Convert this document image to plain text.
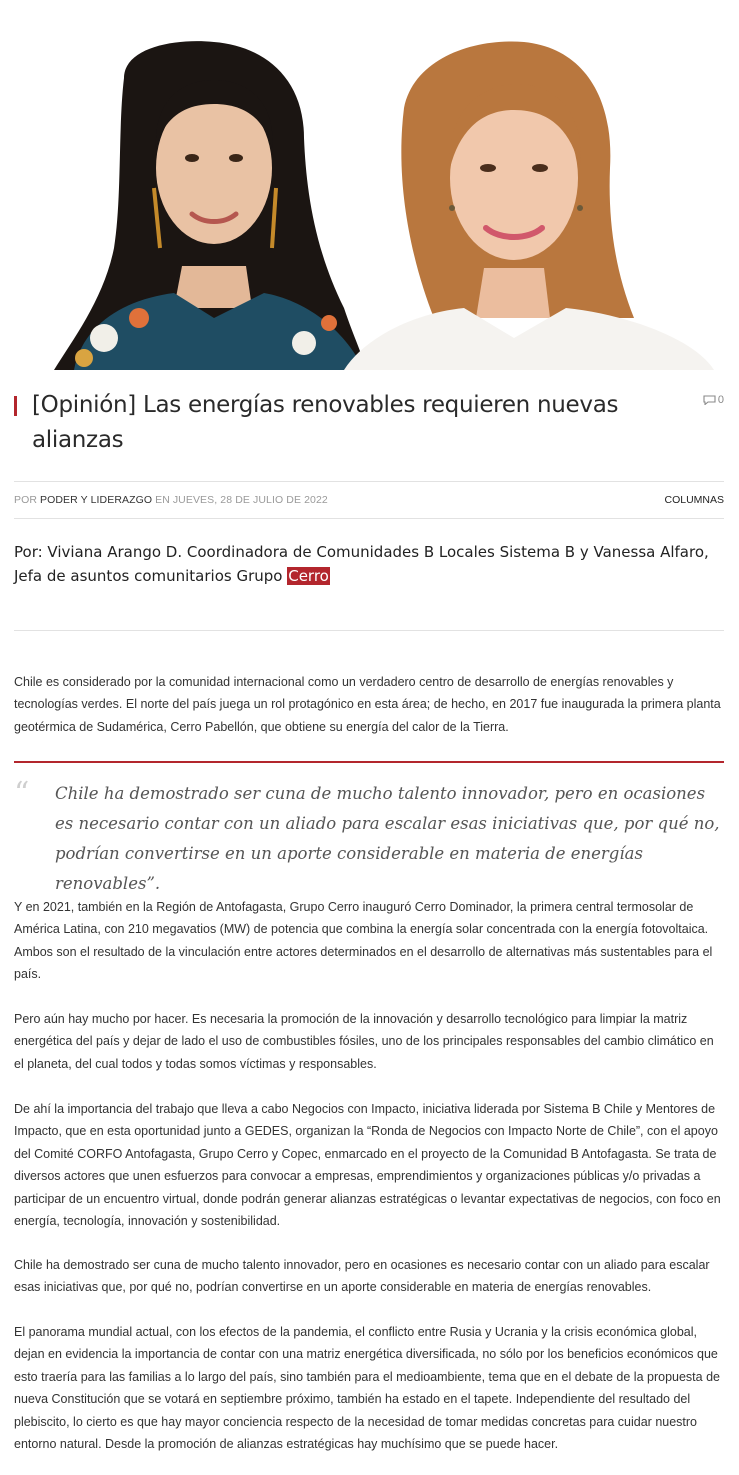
[Opinión] Las energías renovables requieren nuevas alianzas
0
POR PODER Y LIDERAZGO EN JUEVES, 28 DE JULIO DE 2022	COLUMNAS
Por: Viviana Arango D. Coordinadora de Comunidades B Locales Sistema B y Vanessa Alfaro, Jefa de asuntos comunitarios Grupo Cerro

Chile es considerado por la comunidad internacional como un verdadero centro de desarrollo de energías renovables y tecnologías verdes. El norte del país juega un rol protagónico en esta área; de hecho, en 2017 fue inaugurada la primera planta geotérmica de Sudamérica, Cerro Pabellón, que obtiene su energía del calor de la Tierra.

“ Chile ha demostrado ser cuna de mucho talento innovador, pero en ocasiones es necesario contar con un aliado para escalar esas iniciativas que, por qué no, podrían convertirse en un aporte considerable en materia de energías renovables”.

Y en 2021, también en la Región de Antofagasta, Grupo Cerro inauguró Cerro Dominador, la primera central termosolar de América Latina, con 210 megavatios (MW) de potencia que combina la energía solar concentrada con la energía fotovoltaica. Ambos son el resultado de la vinculación entre actores determinados en el desarrollo de alternativas más sustentables para el país.

Pero aún hay mucho por hacer. Es necesaria la promoción de la innovación y desarrollo tecnológico para limpiar la matriz energética del país y dejar de lado el uso de combustibles fósiles, uno de los principales responsables del cambio climático en el planeta, del cual todos y todas somos víctimas y responsables.

De ahí la importancia del trabajo que lleva a cabo Negocios con Impacto, iniciativa liderada por Sistema B Chile y Mentores de Impacto, que en esta oportunidad junto a GEDES, organizan la “Ronda de Negocios con Impacto Norte de Chile”, con el apoyo del Comité CORFO Antofagasta, Grupo Cerro y Copec, enmarcado en el proyecto de la Comunidad B Antofagasta. Se trata de diversos actores que unen esfuerzos para convocar a empresas, emprendimientos y organizaciones públicas y/o privadas a participar de un encuentro virtual, donde podrán generar alianzas estratégicas o levantar expectativas de negocios, con foco en energía, tecnología, innovación y sostenibilidad.

Chile ha demostrado ser cuna de mucho talento innovador, pero en ocasiones es necesario contar con un aliado para escalar esas iniciativas que, por qué no, podrían convertirse en un aporte considerable en materia de energías renovables.

El panorama mundial actual, con los efectos de la pandemia, el conflicto entre Rusia y Ucrania y la crisis económica global, dejan en evidencia la importancia de contar con una matriz energética diversificada, no sólo por los beneficios económicos que esto traería para las familias a lo largo del país, sino también para el medioambiente, tema que en el debate de la propuesta de nueva Constitución que se votará en septiembre próximo, también ha estado en el tapete. Independiente del resultado del plebiscito, lo cierto es que hay mayor conciencia respecto de la necesidad de tomar medidas concretas para cuidar nuestro entorno natural. Desde la promoción de alianzas estratégicas hay muchísimo que se puede hacer.
